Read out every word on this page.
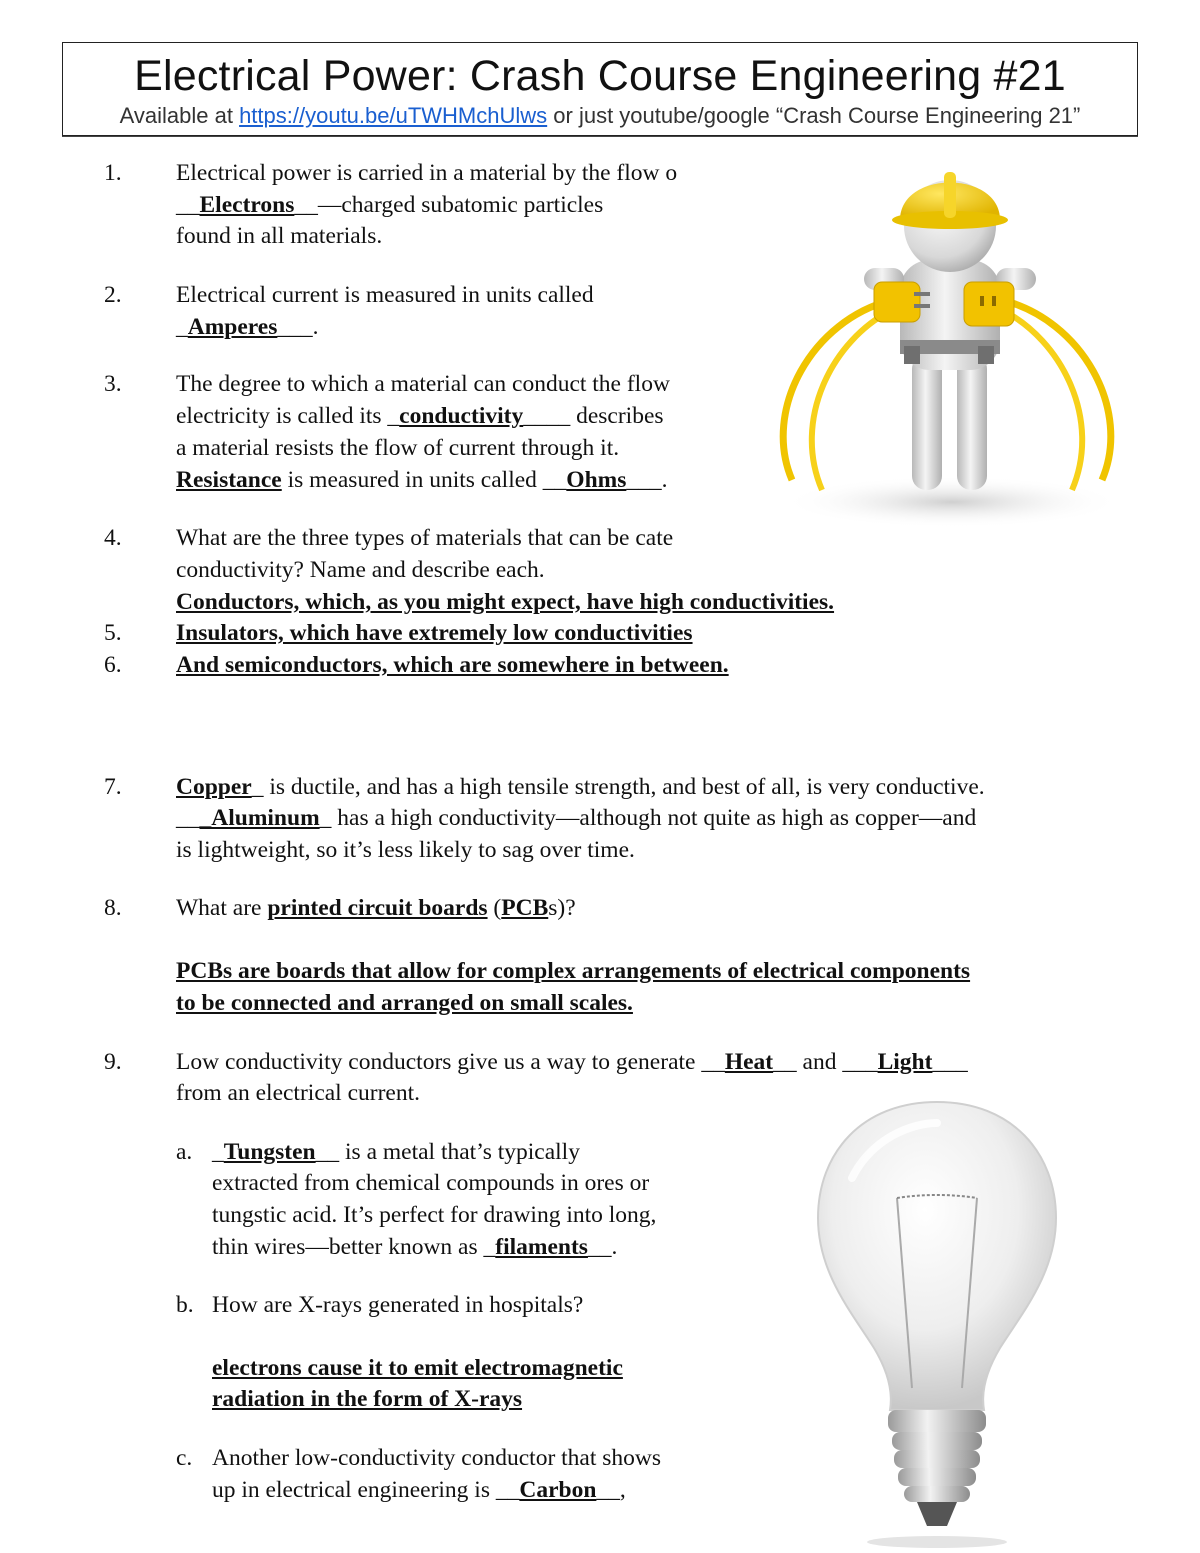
Electrical Power: Crash Course Engineering #21
Available at https://youtu.be/uTWHMchUlws or just youtube/google “Crash Course Engineering 21”
1. Electrical power is carried in a material by the flow o
__Electrons__—charged subatomic particles
found in all materials.
2. Electrical current is measured in units called
_Amperes___.
3. The degree to which a material can conduct the flow
electricity is called its _conductivity____ describes
a material resists the flow of current through it.
Resistance is measured in units called __Ohms___.
4. What are the three types of materials that can be cate
conductivity? Name and describe each.
Conductors, which, as you might expect, have high conductivities.
5. Insulators, which have extremely low conductivities
6. And semiconductors, which are somewhere in between.
7. Copper_ is ductile, and has a high tensile strength, and best of all, is very conductive.
___Aluminum_ has a high conductivity—although not quite as high as copper—and
is lightweight, so it’s less likely to sag over time.
8. What are printed circuit boards (PCBs)?
PCBs are boards that allow for complex arrangements of electrical components
to be connected and arranged on small scales.
9. Low conductivity conductors give us a way to generate __Heat__ and ___Light___
from an electrical current.
a. _Tungsten__ is a metal that’s typically
extracted from chemical compounds in ores or
tungstic acid. It’s perfect for drawing into long,
thin wires—better known as _filaments__.
b. How are X-rays generated in hospitals?
electrons cause it to emit electromagnetic
radiation in the form of X-rays
c. Another low-conductivity conductor that shows
up in electrical engineering is __Carbon__,
